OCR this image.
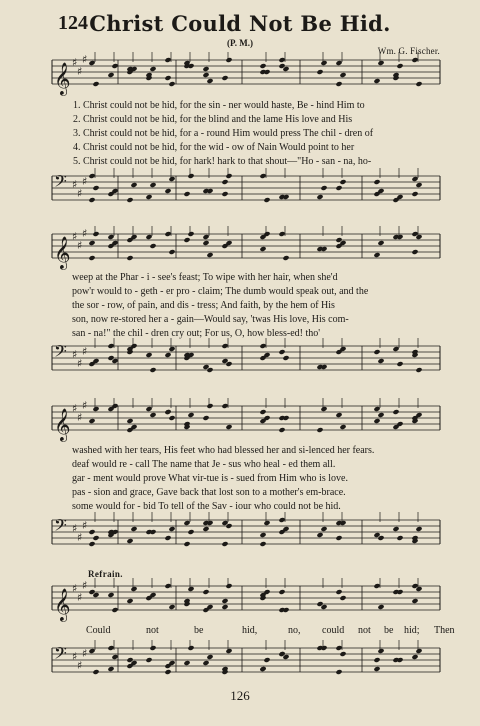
124 Christ Could Not Be Hid.
(P. M.)
Wm. G. Fischer.
𝄞 ♯
♯
♯
1. Christ could not be hid, for the sin - ner would haste, Be - hind Him to
2. Christ could not be hid, for the blind and the lame His love and His
3. Christ could not be hid, for a - round Him would press The chil - dren of
4. Christ could not be hid, for the wid - ow of Nain Would point to her
5. Christ could not be hid, for hark! hark to that shout—"Ho - san - na, ho-
𝄢 ♯
♯
♯
𝄞 ♯
♯
♯
weep at the Phar - i - see's feast; To wipe with her hair, when she'd
pow'r would to - geth - er pro - claim; The dumb would speak out, and the
the sor - row, of pain, and dis - tress; And faith, by the hem of His
son, now re-stored her a - gain—Would say, 'twas His love, His com-
san - na!" the chil - dren cry out; For us, O, how bless-ed! tho'
𝄢 ♯
♯
♯
𝄞 ♯
♯
♯
washed with her tears, His feet who had blessed her and si-lenced her fears.
deaf would re - call The name that Je - sus who heal - ed them all.
gar - ment would prove What vir-tue is - sued from Him who is love.
pas - sion and grace, Gave back that lost son to a mother's em-brace.
some would for - bid To tell of the Sav - iour who could not be hid.
𝄢 ♯
♯
♯
Refrain.
𝄞 ♯
♯
♯
Could	not	be	hid,	no, could not be hid; Then
𝄢 ♯
♯
♯
126
